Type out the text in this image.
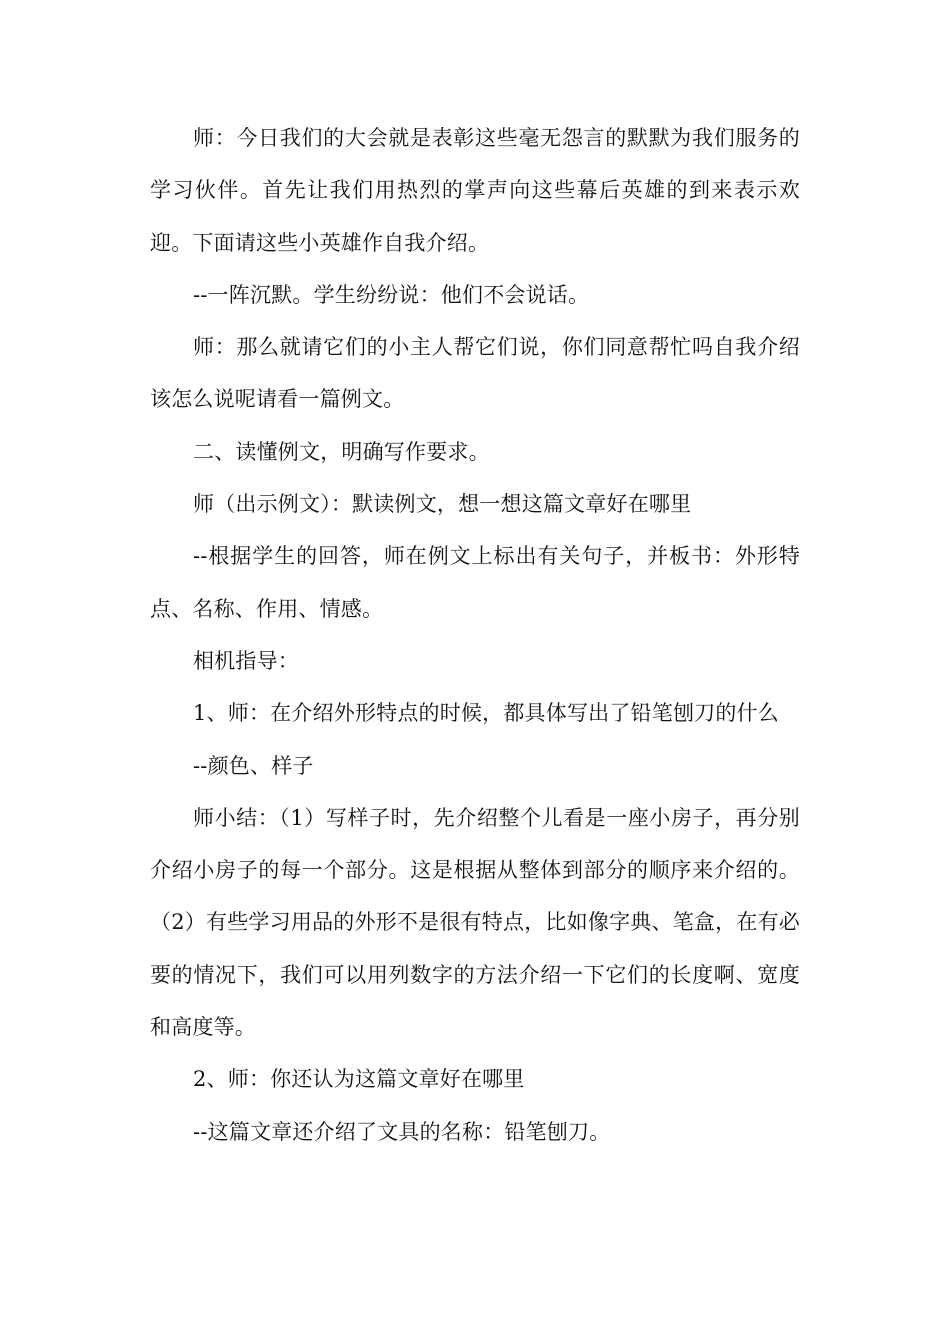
师：今日我们的大会就是表彰这些毫无怨言的默默为我们服务的学习伙伴。首先让我们用热烈的掌声向这些幕后英雄的到来表示欢迎。下面请这些小英雄作自我介绍。

--一阵沉默。学生纷纷说：他们不会说话。

师：那么就请它们的小主人帮它们说，你们同意帮忙吗自我介绍该怎么说呢请看一篇例文。

二、读懂例文，明确写作要求。

师（出示例文）：默读例文，想一想这篇文章好在哪里

--根据学生的回答，师在例文上标出有关句子，并板书：外形特点、名称、作用、情感。

相机指导：

1、师：在介绍外形特点的时候，都具体写出了铅笔刨刀的什么

--颜色、样子

师小结：（1）写样子时，先介绍整个儿看是一座小房子，再分别介绍小房子的每一个部分。这是根据从整体到部分的顺序来介绍的。（2）有些学习用品的外形不是很有特点，比如像字典、笔盒，在有必要的情况下，我们可以用列数字的方法介绍一下它们的长度啊、宽度和高度等。

2、师：你还认为这篇文章好在哪里

--这篇文章还介绍了文具的名称：铅笔刨刀。
